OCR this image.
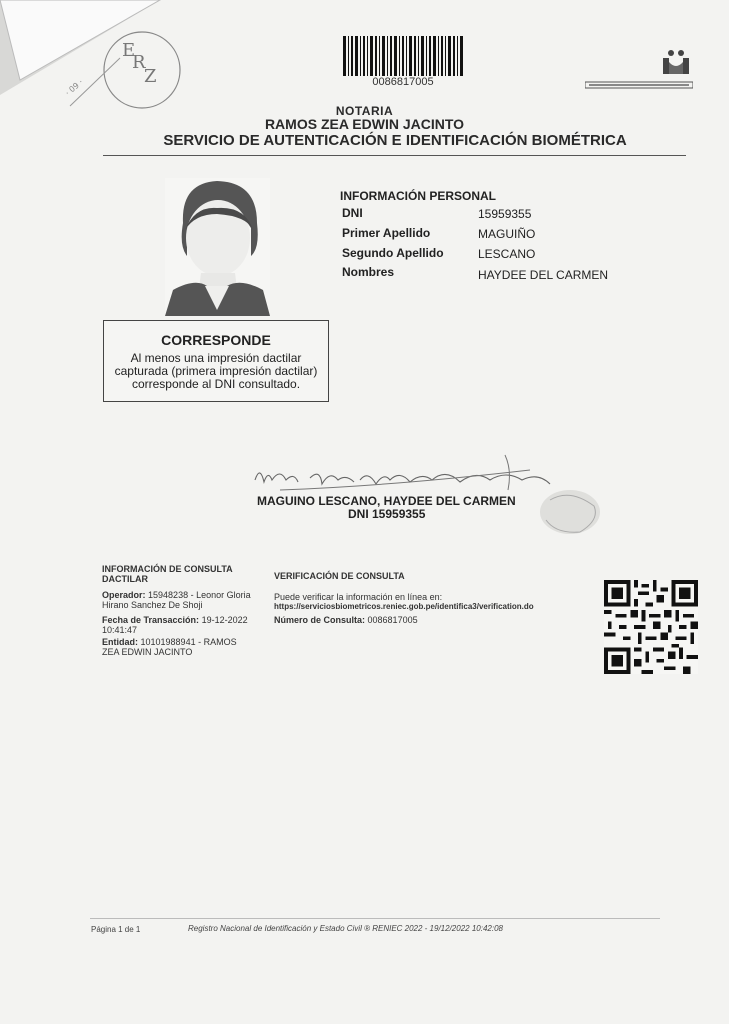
E
R
Z
· 09 ·	0086817005
NOTARIA
RAMOS ZEA EDWIN JACINTO
SERVICIO DE AUTENTICACIÓN E IDENTIFICACIÓN BIOMÉTRICA
INFORMACIÓN PERSONAL
DNI	15959355
Primer Apellido	MAGUIÑO
Segundo Apellido	LESCANO
Nombres	HAYDEE DEL CARMEN
CORRESPONDE
Al menos una impresión dactilar
capturada (primera impresión dactilar)
corresponde al DNI consultado.
MAGUINO LESCANO, HAYDEE DEL CARMEN
DNI 15959355
INFORMACIÓN DE CONSULTA
DACTILAR
Operador: 15948238 - Leonor Gloria
Hirano Sanchez De Shoji
Fecha de Transacción: 19-12-2022
10:41:47
Entidad: 10101988941 - RAMOS
ZEA EDWIN JACINTO
VERIFICACIÓN DE CONSULTA
Puede verificar la información en línea en:
https://serviciosbiometricos.reniec.gob.pe/identifica3/verification.do
Número de Consulta: 0086817005
Página 1 de 1	Registro Nacional de Identificación y Estado Civil ® RENIEC 2022 - 19/12/2022 10:42:08
